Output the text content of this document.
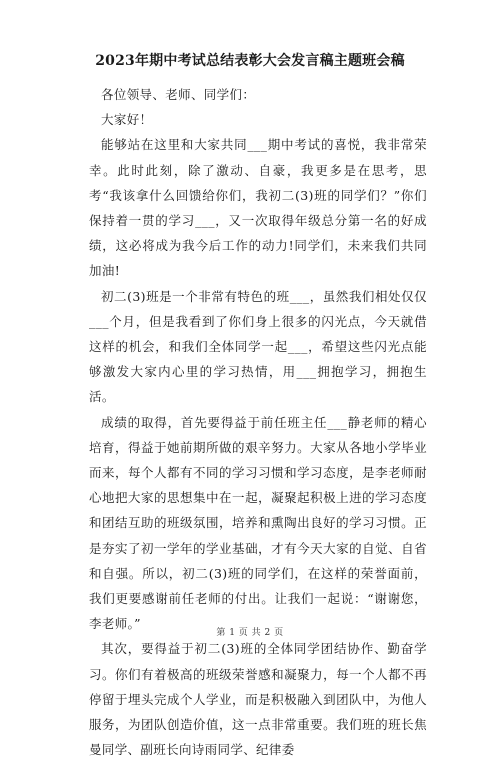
2023年期中考试总结表彰大会发言稿主题班会稿

各位领导、老师、同学们：

大家好！

能够站在这里和大家共同___期中考试的喜悦，我非常荣幸。此时此刻，除了激动、自豪，我更多是在思考，思考“我该拿什么回馈给你们，我初二(3)班的同学们？”你们保持着一贯的学习___，又一次取得年级总分第一名的好成绩，这必将成为我今后工作的动力!同学们，未来我们共同加油!

初二(3)班是一个非常有特色的班___，虽然我们相处仅仅___个月，但是我看到了你们身上很多的闪光点，今天就借这样的机会，和我们全体同学一起___，希望这些闪光点能够激发大家内心里的学习热情，用___拥抱学习，拥抱生活。

成绩的取得，首先要得益于前任班主任___静老师的精心培育，得益于她前期所做的艰辛努力。大家从各地小学毕业而来，每个人都有不同的学习习惯和学习态度，是李老师耐心地把大家的思想集中在一起，凝聚起积极上进的学习态度和团结互助的班级氛围，培养和熏陶出良好的学习习惯。正是夯实了初一学年的学业基础，才有今天大家的自觉、自省和自强。所以，初二(3)班的同学们，在这样的荣誉面前，我们更要感谢前任老师的付出。让我们一起说：“谢谢您，李老师。”

其次，要得益于初二(3)班的全体同学团结协作、勤奋学习。你们有着极高的班级荣誉感和凝聚力，每一个人都不再停留于埋头完成个人学业，而是积极融入到团队中，为他人服务，为团队创造价值，这一点非常重要。我们班的班长焦曼同学、副班长向诗雨同学、纪律委

第 1 页 共 2 页
